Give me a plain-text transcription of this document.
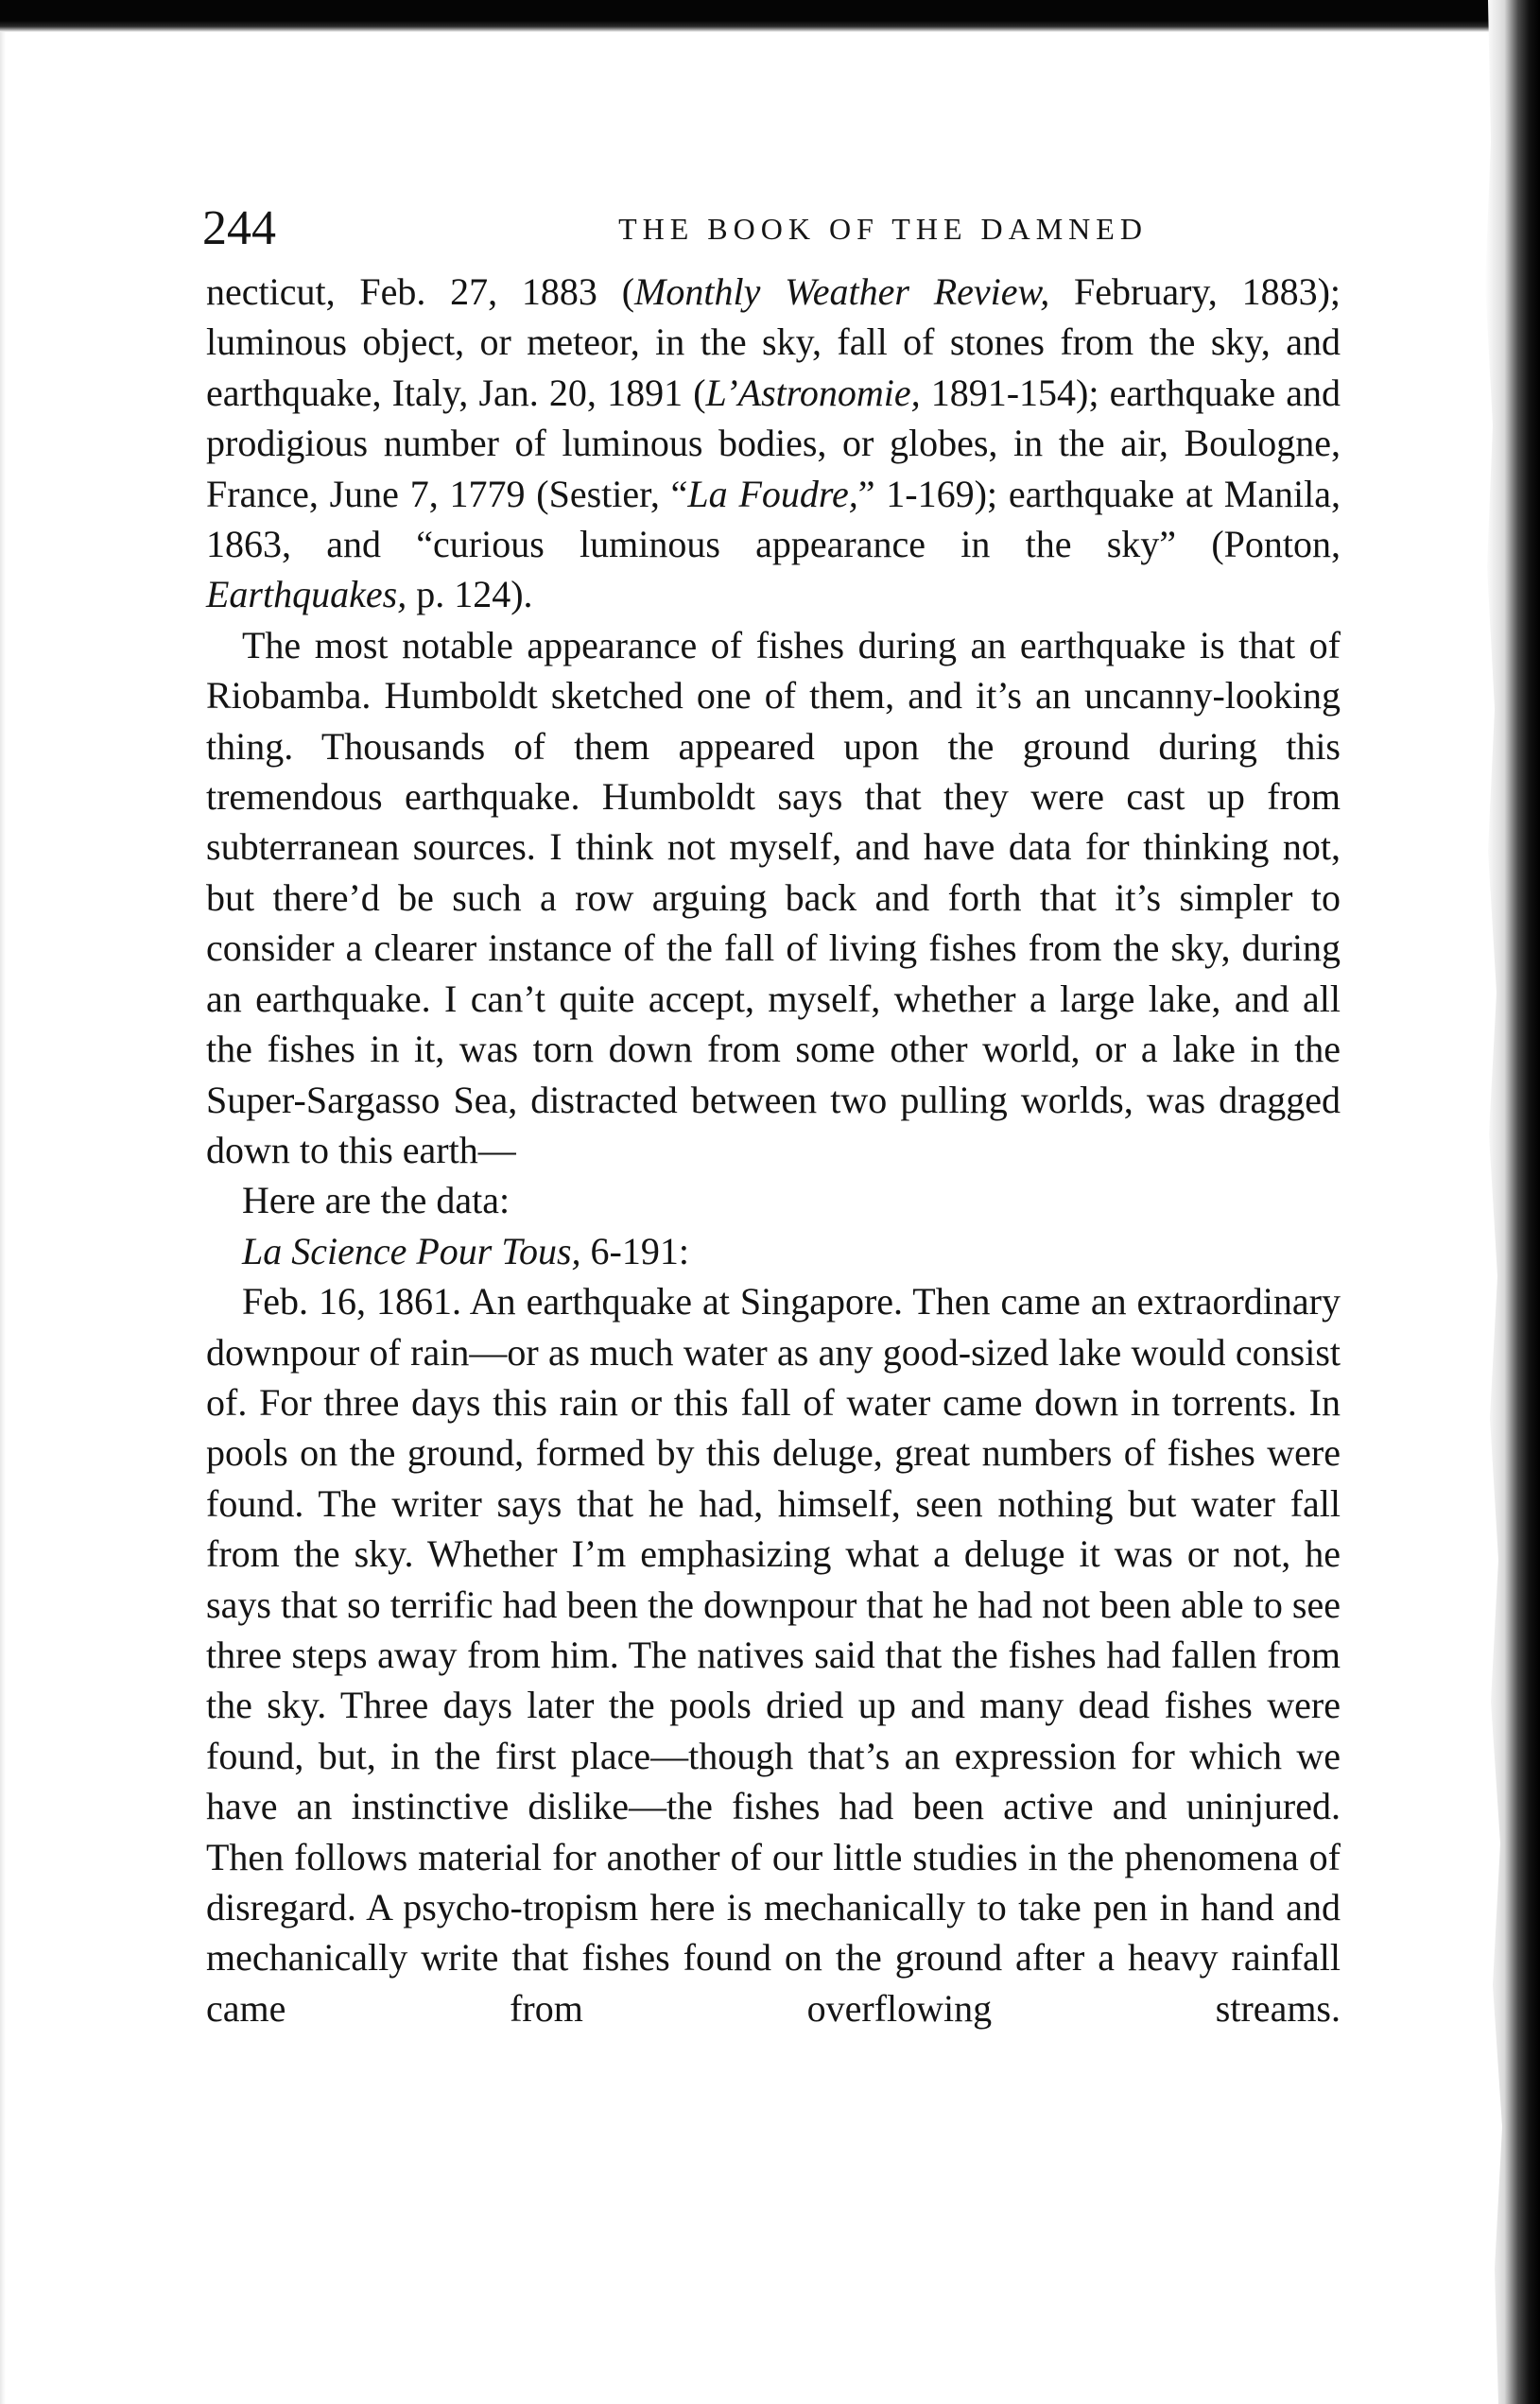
244	THE BOOK OF THE DAMNED

necticut, Feb. 27, 1883 (Monthly Weather Review, February, 1883); luminous object, or meteor, in the sky, fall of stones from the sky, and earthquake, Italy, Jan. 20, 1891 (L’Astronomie, 1891-154); earthquake and prodigious number of luminous bodies, or globes, in the air, Boulogne, France, June 7, 1779 (Sestier, “La Foudre,” 1-169); earthquake at Manila, 1863, and “curious luminous appearance in the sky” (Ponton, Earthquakes, p. 124).

The most notable appearance of fishes during an earthquake is that of Riobamba. Humboldt sketched one of them, and it’s an uncanny-looking thing. Thousands of them appeared upon the ground during this tremendous earthquake. Humboldt says that they were cast up from subterranean sources. I think not myself, and have data for thinking not, but there’d be such a row arguing back and forth that it’s simpler to consider a clearer instance of the fall of living fishes from the sky, during an earthquake. I can’t quite accept, myself, whether a large lake, and all the fishes in it, was torn down from some other world, or a lake in the Super-Sargasso Sea, distracted between two pulling worlds, was dragged down to this earth—

Here are the data:

La Science Pour Tous, 6-191:

Feb. 16, 1861. An earthquake at Singapore. Then came an extraordinary downpour of rain—or as much water as any good-sized lake would consist of. For three days this rain or this fall of water came down in torrents. In pools on the ground, formed by this deluge, great numbers of fishes were found. The writer says that he had, himself, seen nothing but water fall from the sky. Whether I’m emphasizing what a deluge it was or not, he says that so terrific had been the downpour that he had not been able to see three steps away from him. The natives said that the fishes had fallen from the sky. Three days later the pools dried up and many dead fishes were found, but, in the first place—though that’s an expression for which we have an instinctive dislike—the fishes had been active and uninjured. Then follows material for another of our little studies in the phenomena of disregard. A psycho-tropism here is mechanically to take pen in hand and mechanically write that fishes found on the ground after a heavy rainfall came from overflowing streams.
